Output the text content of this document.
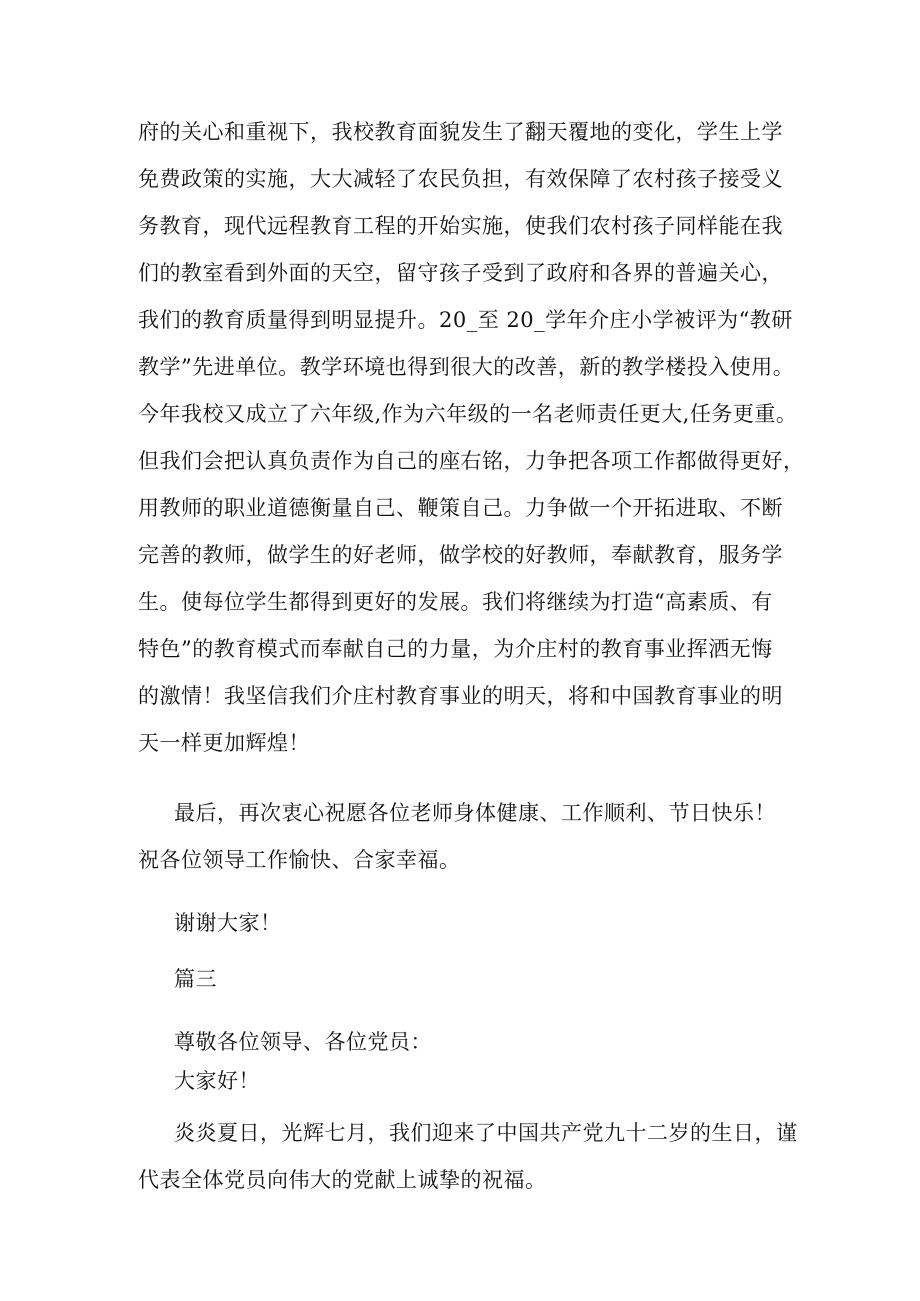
府的关心和重视下，我校教育面貌发生了翻天覆地的变化，学生上学
免费政策的实施，大大减轻了农民负担，有效保障了农村孩子接受义
务教育，现代远程教育工程的开始实施，使我们农村孩子同样能在我
们的教室看到外面的天空，留守孩子受到了政府和各界的普遍关心，
我们的教育质量得到明显提升。20_至 20_学年介庄小学被评为“教研
教学”先进单位。教学环境也得到很大的改善，新的教学楼投入使用。
今年我校又成立了六年级,作为六年级的一名老师责任更大,任务更重。
但我们会把认真负责作为自己的座右铭，力争把各项工作都做得更好，
用教师的职业道德衡量自己、鞭策自己。力争做一个开拓进取、不断
完善的教师，做学生的好老师，做学校的好教师，奉献教育，服务学
生。使每位学生都得到更好的发展。我们将继续为打造“高素质、有
特色”的教育模式而奉献自己的力量，为介庄村的教育事业挥洒无悔
的激情！我坚信我们介庄村教育事业的明天，将和中国教育事业的明
天一样更加辉煌！
最后，再次衷心祝愿各位老师身体健康、工作顺利、节日快乐！
祝各位领导工作愉快、合家幸福。
谢谢大家！
篇三
尊敬各位领导、各位党员：
大家好！
炎炎夏日，光辉七月，我们迎来了中国共产党九十二岁的生日，谨
代表全体党员向伟大的党献上诚挚的祝福。
